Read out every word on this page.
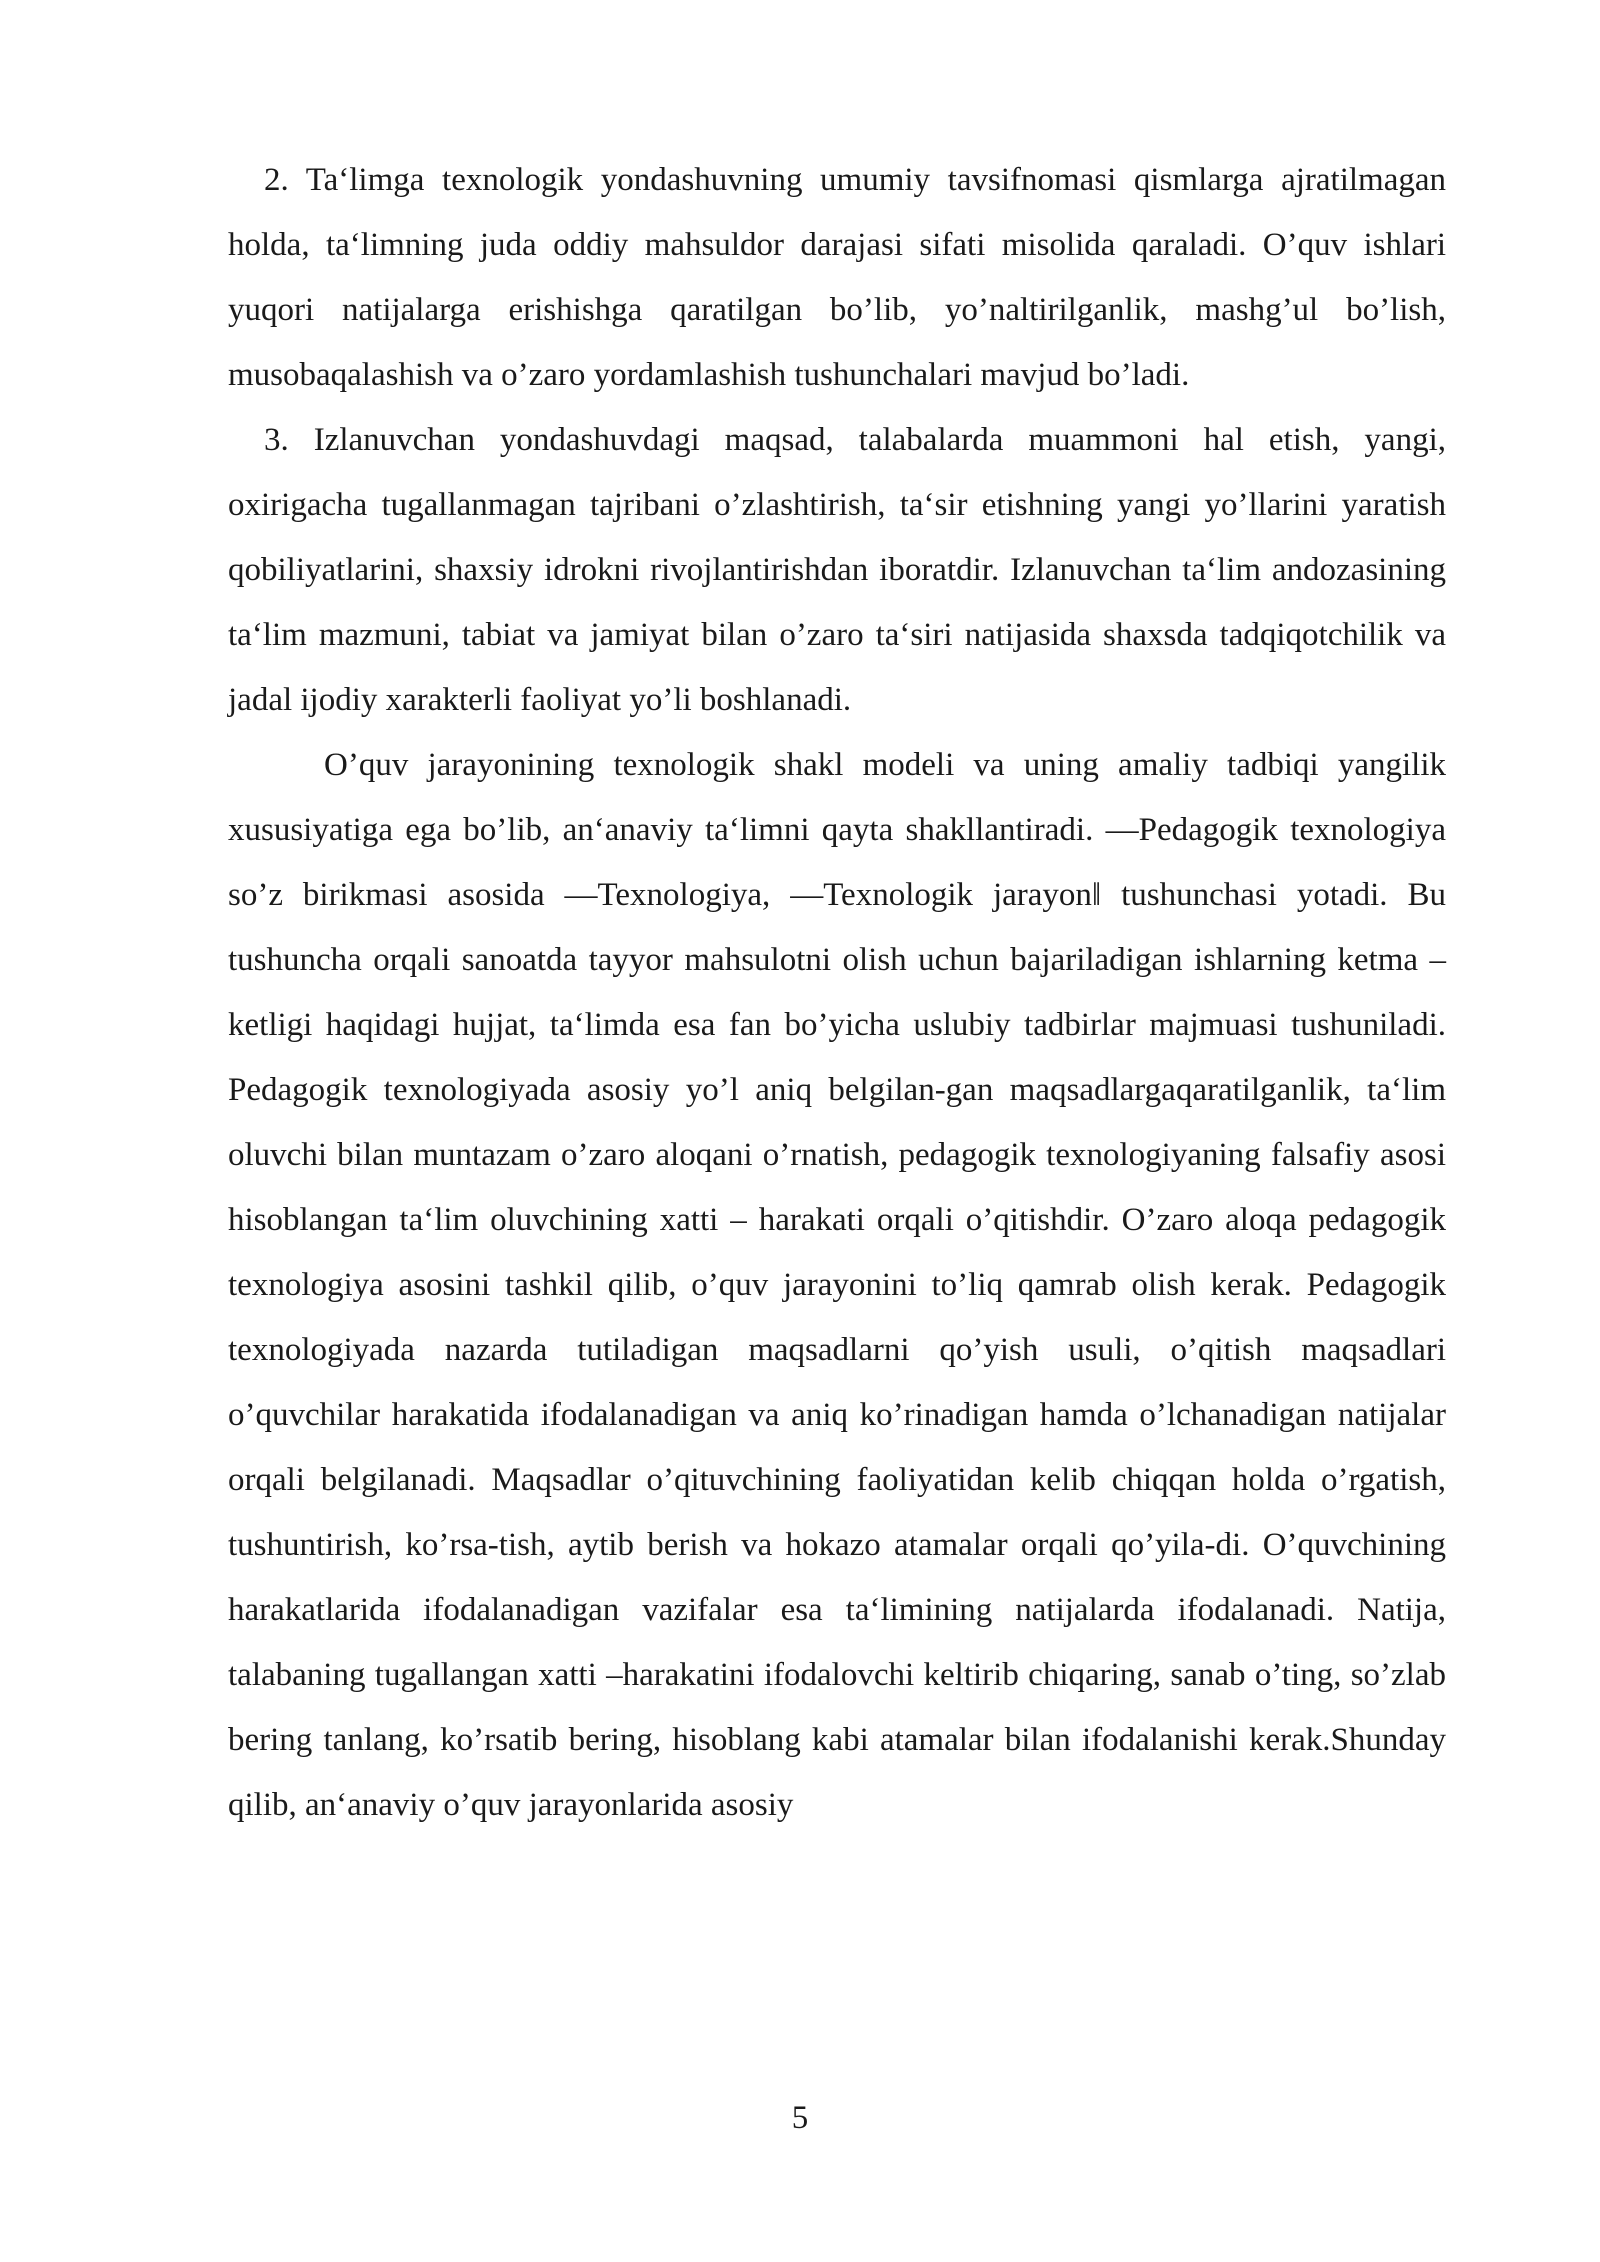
2. Ta‘limga texnologik yondashuvning umumiy tavsifnomasi qismlarga ajratilmagan holda, ta‘limning juda oddiy mahsuldor darajasi sifati misolida qaraladi. O’quv ishlari yuqori natijalarga erishishga qaratilgan bo’lib, yo’naltirilganlik, mashg’ul bo’lish, musobaqalashish va o’zaro yordamlashish tushunchalari mavjud bo’ladi.

3. Izlanuvchan yondashuvdagi maqsad, talabalarda muammoni hal etish, yangi, oxirigacha tugallanmagan tajribani o’zlashtirish, ta‘sir etishning yangi yo’llarini yaratish qobiliyatlarini, shaxsiy idrokni rivojlantirishdan iboratdir. Izlanuvchan ta‘lim andozasining ta‘lim mazmuni, tabiat va jamiyat bilan o’zaro ta‘siri natijasida shaxsda tadqiqotchilik va jadal ijodiy xarakterli faoliyat yo’li boshlanadi.

O’quv jarayonining texnologik shakl modeli va uning amaliy tadbiqi yangilik xususiyatiga ega bo’lib, an‘anaviy ta‘limni qayta shakllantiradi. ―Pedagogik texnologiya so’z birikmasi asosida ―Texnologiya, ―Texnologik jarayon‖ tushunchasi yotadi. Bu tushuncha orqali sanoatda tayyor mahsulotni olish uchun bajariladigan ishlarning ketma – ketligi haqidagi hujjat, ta‘limda esa fan bo’yicha uslubiy tadbirlar majmuasi tushuniladi. Pedagogik texnologiyada asosiy yo’l aniq belgilan-gan maqsadlargaqaratilganlik, ta‘lim oluvchi bilan muntazam o’zaro aloqani o’rnatish, pedagogik texnologiyaning falsafiy asosi hisoblangan ta‘lim oluvchining xatti – harakati orqali o’qitishdir. O’zaro aloqa pedagogik texnologiya asosini tashkil qilib, o’quv jarayonini to’liq qamrab olish kerak. Pedagogik texnologiyada nazarda tutiladigan maqsadlarni qo’yish usuli, o’qitish maqsadlari o’quvchilar harakatida ifodalanadigan va aniq ko’rinadigan hamda o’lchanadigan natijalar orqali belgilanadi. Maqsadlar o’qituvchining faoliyatidan kelib chiqqan holda o’rgatish, tushuntirish, ko’rsa-tish, aytib berish va hokazo atamalar orqali qo’yila-di. O’quvchining harakatlarida ifodalanadigan vazifalar esa ta‘limining natijalarda ifodalanadi. Natija, talabaning tugallangan xatti –harakatini ifodalovchi keltirib chiqaring, sanab o’ting, so’zlab bering tanlang, ko’rsatib bering, hisoblang kabi atamalar bilan ifodalanishi kerak.Shunday qilib, an‘anaviy o’quv jarayonlarida asosiy

5
